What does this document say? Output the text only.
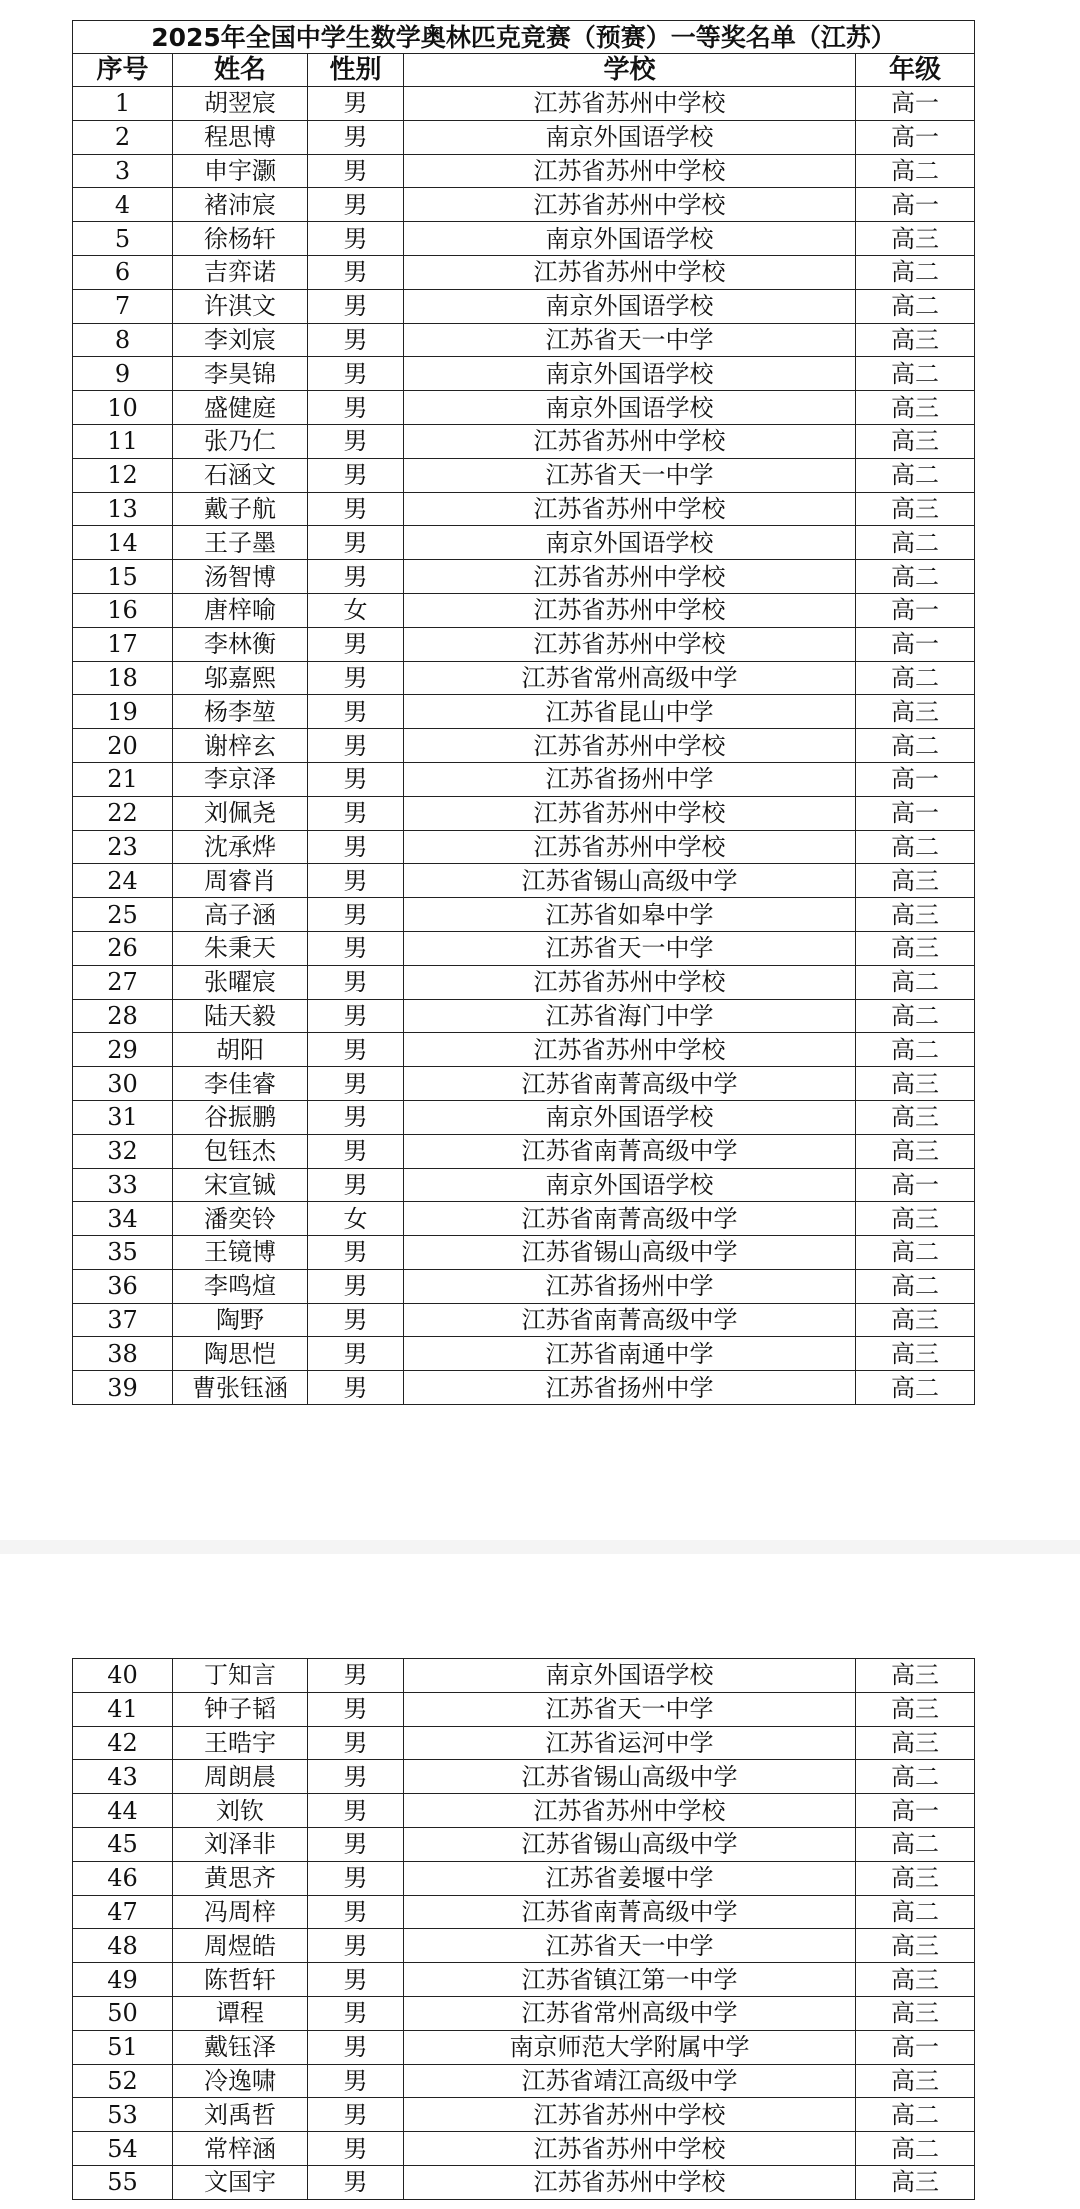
2025年全国中学生数学奥林匹克竞赛（预赛）一等奖名单（江苏）				
序号	姓名	性别	学校	年级
1	胡翌宸	男	江苏省苏州中学校	高一
2	程思博	男	南京外国语学校	高一
3	申宇灏	男	江苏省苏州中学校	高二
4	褚沛宸	男	江苏省苏州中学校	高一
5	徐杨轩	男	南京外国语学校	高三
6	吉弈诺	男	江苏省苏州中学校	高二
7	许淇文	男	南京外国语学校	高二
8	李刘宸	男	江苏省天一中学	高三
9	李昊锦	男	南京外国语学校	高二
10	盛健庭	男	南京外国语学校	高三
11	张乃仁	男	江苏省苏州中学校	高三
12	石涵文	男	江苏省天一中学	高二
13	戴子航	男	江苏省苏州中学校	高三
14	王子墨	男	南京外国语学校	高二
15	汤智博	男	江苏省苏州中学校	高二
16	唐梓喻	女	江苏省苏州中学校	高一
17	李林衡	男	江苏省苏州中学校	高一
18	邬嘉熙	男	江苏省常州高级中学	高二
19	杨李堃	男	江苏省昆山中学	高三
20	谢梓玄	男	江苏省苏州中学校	高二
21	李京泽	男	江苏省扬州中学	高一
22	刘佩尧	男	江苏省苏州中学校	高一
23	沈承烨	男	江苏省苏州中学校	高二
24	周睿肖	男	江苏省锡山高级中学	高三
25	高子涵	男	江苏省如皋中学	高三
26	朱秉天	男	江苏省天一中学	高三
27	张曜宸	男	江苏省苏州中学校	高二
28	陆天毅	男	江苏省海门中学	高二
29	胡阳	男	江苏省苏州中学校	高二
30	李佳睿	男	江苏省南菁高级中学	高三
31	谷振鹏	男	南京外国语学校	高三
32	包钰杰	男	江苏省南菁高级中学	高三
33	宋宣铖	男	南京外国语学校	高一
34	潘奕铃	女	江苏省南菁高级中学	高三
35	王镜博	男	江苏省锡山高级中学	高二
36	李鸣煊	男	江苏省扬州中学	高二
37	陶野	男	江苏省南菁高级中学	高三
38	陶思恺	男	江苏省南通中学	高三
39	曹张钰涵	男	江苏省扬州中学	高二
40	丁知言	男	南京外国语学校	高三
41	钟子韬	男	江苏省天一中学	高三
42	王晧宇	男	江苏省运河中学	高三
43	周朗晨	男	江苏省锡山高级中学	高二
44	刘钦	男	江苏省苏州中学校	高一
45	刘泽非	男	江苏省锡山高级中学	高二
46	黄思齐	男	江苏省姜堰中学	高三
47	冯周梓	男	江苏省南菁高级中学	高二
48	周煜皓	男	江苏省天一中学	高三
49	陈哲轩	男	江苏省镇江第一中学	高三
50	谭程	男	江苏省常州高级中学	高三
51	戴钰泽	男	南京师范大学附属中学	高一
52	冷逸啸	男	江苏省靖江高级中学	高三
53	刘禹哲	男	江苏省苏州中学校	高二
54	常梓涵	男	江苏省苏州中学校	高二
55	文国宇	男	江苏省苏州中学校	高三
